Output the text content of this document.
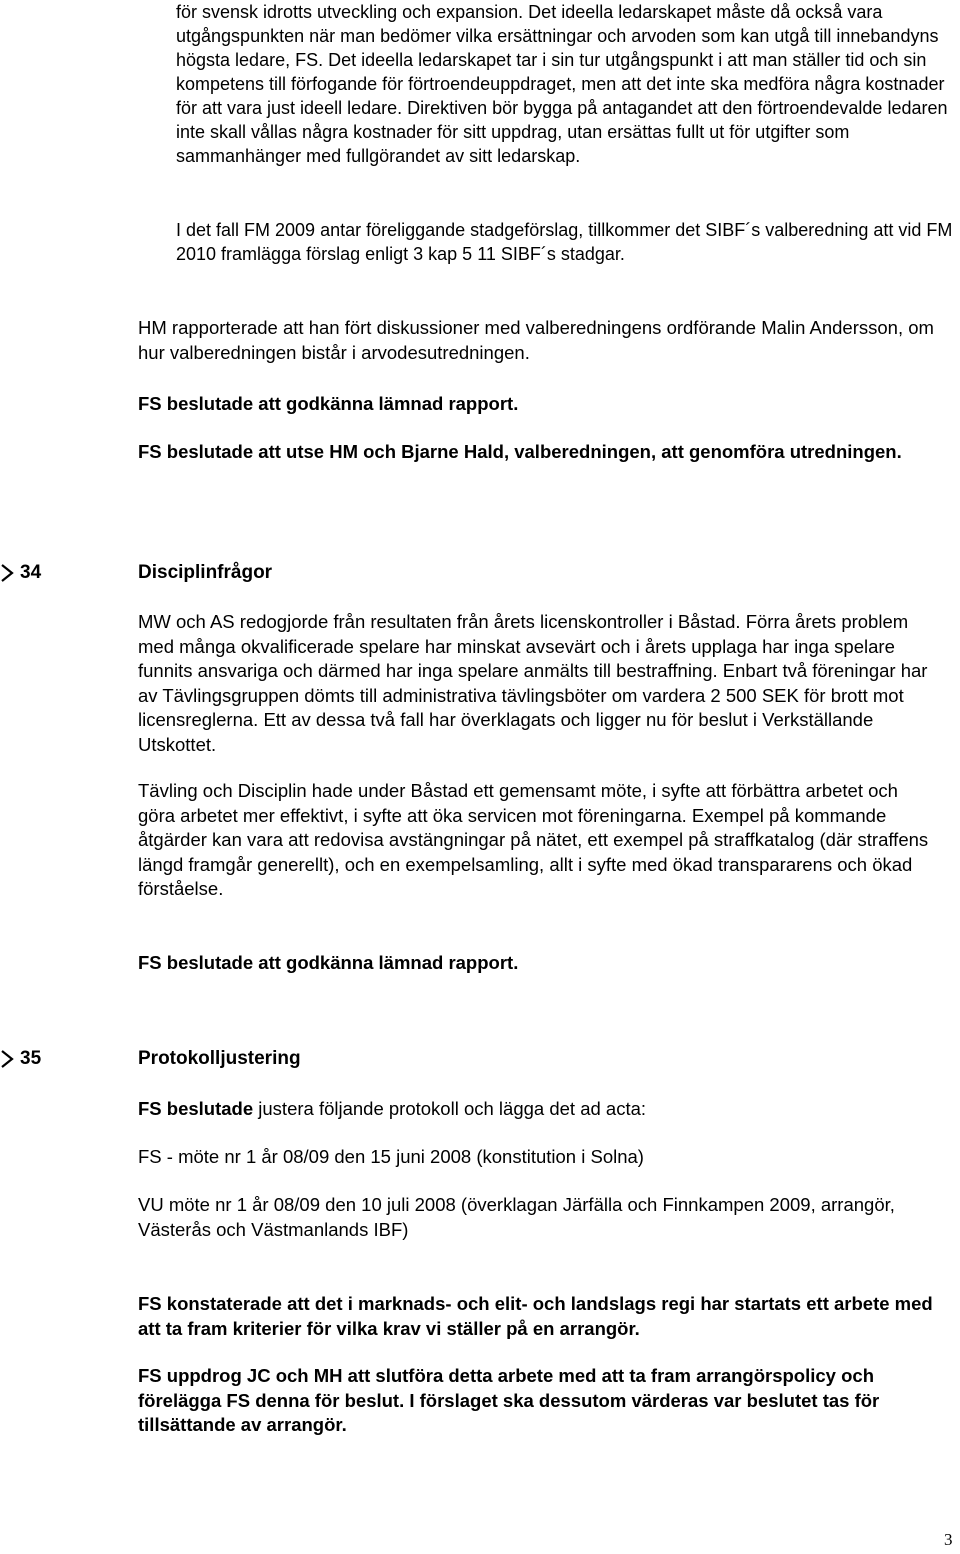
för svensk idrotts utveckling och expansion. Det ideella ledarskapet måste då också vara utgångspunkten när man bedömer vilka ersättningar och arvoden som kan utgå till innebandyns högsta ledare, FS. Det ideella ledarskapet tar i sin tur utgångspunkt i att man ställer tid och sin kompetens till förfogande för förtroendeuppdraget, men att det inte ska medföra några kostnader för att vara just ideell ledare. Direktiven bör bygga på antagandet att den förtroendevalde ledaren inte skall vållas några kostnader för sitt uppdrag, utan ersättas fullt ut för utgifter som sammanhänger med fullgörandet av sitt ledarskap.

I det fall FM 2009 antar föreliggande stadgeförslag, tillkommer det SIBF´s valberedning att vid FM 2010 framlägga förslag enligt 3 kap 5 11 SIBF´s stadgar.

HM rapporterade att han fört diskussioner med valberedningens ordförande Malin Andersson, om hur valberedningen bistår i arvodesutredningen.

FS beslutade att godkänna lämnad rapport.

FS beslutade att utse HM och Bjarne Hald, valberedningen, att genomföra utredningen.

34	Disciplinfrågor

MW och AS redogjorde från resultaten från årets licenskontroller i Båstad. Förra årets problem med många okvalificerade spelare har minskat avsevärt och i årets upplaga har inga spelare funnits ansvariga och därmed har inga spelare anmälts till bestraffning. Enbart två föreningar har av Tävlingsgruppen dömts till administrativa tävlingsböter om vardera 2 500 SEK för brott mot licensreglerna. Ett av dessa två fall har överklagats och ligger nu för beslut i Verkställande Utskottet.

Tävling och Disciplin hade under Båstad ett gemensamt möte, i syfte att förbättra arbetet och göra arbetet mer effektivt, i syfte att öka servicen mot föreningarna. Exempel på kommande åtgärder kan vara att redovisa avstängningar på nätet, ett exempel på straffkatalog (där straffens längd framgår generellt), och en exempelsamling, allt i syfte med ökad transpararens och ökad förståelse.

FS beslutade att godkänna lämnad rapport.

35	Protokolljustering

FS beslutade justera följande protokoll och lägga det ad acta:

FS - möte nr 1 år 08/09 den 15 juni 2008 (konstitution i Solna)

VU möte nr 1 år 08/09 den 10 juli 2008 (överklagan Järfälla och Finnkampen 2009, arrangör, Västerås och Västmanlands IBF)

FS konstaterade att det i marknads- och elit- och landslags regi har startats ett arbete med att ta fram kriterier för vilka krav vi ställer på en arrangör.

FS uppdrog JC och MH att slutföra detta arbete med att ta fram arrangörspolicy och förelägga FS denna för beslut. I förslaget ska dessutom värderas var beslutet tas för tillsättande av arrangör.

3
